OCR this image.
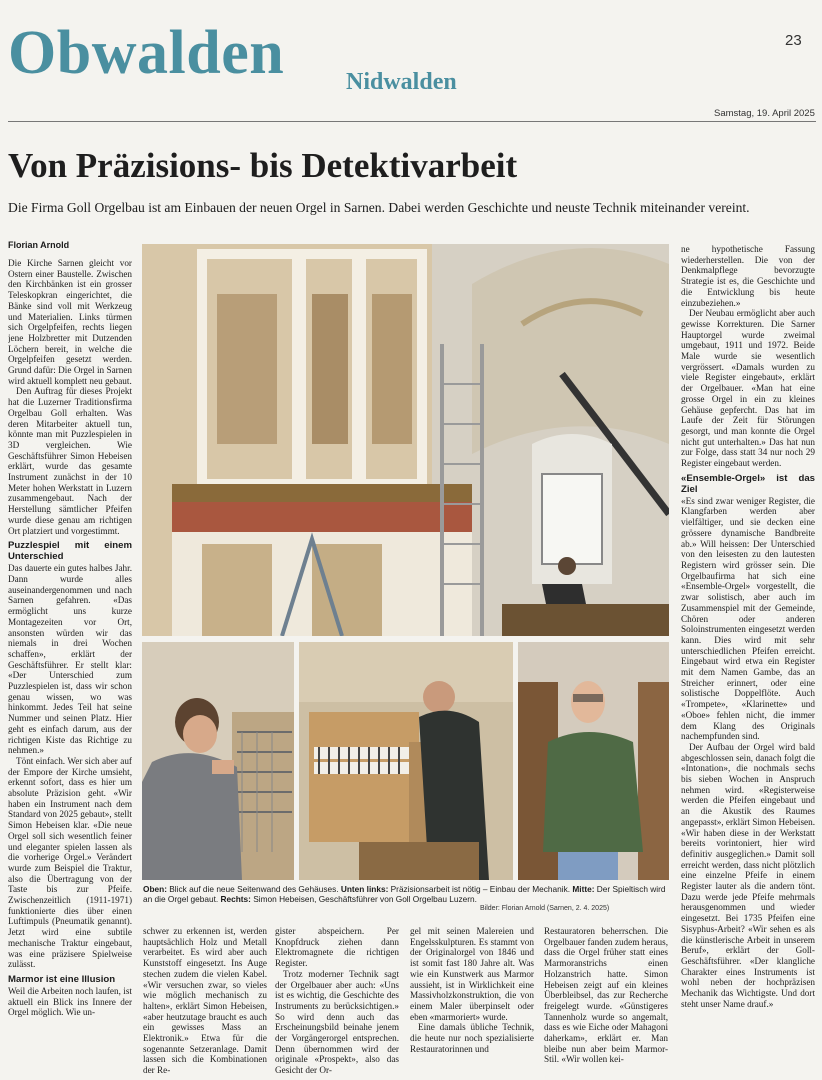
Obwalden	Nidwalden
23
Samstag, 19. April 2025
Von Präzisions- bis Detektivarbeit
Die Firma Goll Orgelbau ist am Einbauen der neuen Orgel in Sarnen. Dabei werden Geschichte und neuste Technik miteinander vereint.
Florian Arnold

Die Kirche Sarnen gleicht vor Ostern einer Baustelle. Zwischen den Kirchbänken ist ein grosser Teleskopkran eingerichtet, die Bänke sind voll mit Werkzeug und Materialien. Links türmen sich Orgelpfeifen, rechts liegen jene Holzbretter mit Dutzenden Löchern bereit, in welche die Orgelpfeifen gesetzt werden. Grund dafür: Die Orgel in Sarnen wird aktuell komplett neu gebaut.

Den Auftrag für dieses Projekt hat die Luzerner Traditionsfirma Orgelbau Goll erhalten. Was deren Mitarbeiter aktuell tun, könnte man mit Puzzlespielen in 3D vergleichen. Wie Geschäftsführer Simon Hebeisen erklärt, wurde das gesamte Instrument zunächst in der 10 Meter hohen Werkstatt in Luzern zusammengebaut. Nach der Herstellung sämtlicher Pfeifen wurde diese genau am richtigen Ort platziert und vorgestimmt.

Puzzlespiel mit einem Unterschied

Das dauerte ein gutes halbes Jahr. Dann wurde alles auseinandergenommen und nach Sarnen gefahren. «Das ermöglicht uns kurze Montagezeiten vor Ort, ansonsten würden wir das niemals in drei Wochen schaffen», erklärt der Geschäftsführer. Er stellt klar: «Der Unterschied zum Puzzlespielen ist, dass wir schon genau wissen, wo was hinkommt. Jedes Teil hat seine Nummer und seinen Platz. Hier geht es einfach darum, aus der richtigen Kiste das Richtige zu nehmen.»

Tönt einfach. Wer sich aber auf der Empore der Kirche umsieht, erkennt sofort, dass es hier um absolute Präzision geht. «Wir haben ein Instrument nach dem Standard von 2025 gebaut», stellt Simon Hebeisen klar. «Die neue Orgel soll sich wesentlich feiner und eleganter spielen lassen als die vorherige Orgel.» Verändert wurde zum Beispiel die Traktur, also die Übertragung von der Taste bis zur Pfeife. Zwischenzeitlich (1911-1971) funktionierte dies über einen Luftimpuls (Pneumatik genannt). Jetzt wird eine subtile mechanische Traktur eingebaut, was eine präzisere Spielweise zulässt.

Marmor ist eine Illusion

Weil die Arbeiten noch laufen, ist aktuell ein Blick ins Innere der Orgel möglich. Wie un-

Oben: Blick auf die neue Seitenwand des Gehäuses. Unten links: Präzisionsarbeit ist nötig – Einbau der Mechanik. Mitte: Der Spieltisch wird an die Orgel gebaut. Rechts: Simon Hebeisen, Geschäftsführer von Goll Orgelbau Luzern.
Bilder: Florian Arnold (Sarnen, 2. 4. 2025)

schwer zu erkennen ist, werden hauptsächlich Holz und Metall verarbeitet. Es wird aber auch Kunststoff eingesetzt. Ins Auge stechen zudem die vielen Kabel. «Wir versuchen zwar, so vieles wie möglich mechanisch zu halten», erklärt Simon Hebeisen, «aber heutzutage braucht es auch ein gewisses Mass an Elektronik.» Etwa für die sogenannte Setzeranlage. Damit lassen sich die Kombinationen der Re-

gister abspeichern. Per Knopfdruck ziehen dann Elektromagnete die richtigen Register.

Trotz moderner Technik sagt der Orgelbauer aber auch: «Uns ist es wichtig, die Geschichte des Instruments zu berücksichtigen.» So wird denn auch das Erscheinungsbild beinahe jenem der Vorgängerorgel entsprechen. Denn übernommen wird der originale «Prospekt», also das Gesicht der Or-

gel mit seinen Malereien und Engelsskulpturen. Es stammt von der Originalorgel von 1846 und ist somit fast 180 Jahre alt. Was wie ein Kunstwerk aus Marmor aussieht, ist in Wirklichkeit eine Massivholzkonstruktion, die von einem Maler überpinselt oder eben «marmoriert» wurde.

Eine damals übliche Technik, die heute nur noch spezialisierte Restauratorinnen und

Restauratoren beherrschen. Die Orgelbauer fanden zudem heraus, dass die Orgel früher statt eines Marmoranstrichs einen Holzanstrich hatte. Simon Hebeisen zeigt auf ein kleines Überbleibsel, das zur Recherche freigelegt wurde. «Günstigeres Tannenholz wurde so angemalt, dass es wie Eiche oder Mahagoni daherkam», erklärt er. Man bleibe nun aber beim Marmor-Stil. «Wir wollen kei-

ne hypothetische Fassung wiederherstellen. Die von der Denkmalpflege bevorzugte Strategie ist es, die Geschichte und die Entwicklung bis heute einzubeziehen.»

Der Neubau ermöglicht aber auch gewisse Korrekturen. Die Sarner Hauptorgel wurde zweimal umgebaut, 1911 und 1972. Beide Male wurde sie wesentlich vergrössert. «Damals wurden zu viele Register eingebaut», erklärt der Orgelbauer. «Man hat eine grosse Orgel in ein zu kleines Gehäuse gepfercht. Das hat im Laufe der Zeit für Störungen gesorgt, und man konnte die Orgel nicht gut unterhalten.» Das hat nun zur Folge, dass statt 34 nur noch 29 Register eingebaut werden.

«Ensemble-Orgel» ist das Ziel

«Es sind zwar weniger Register, die Klangfarben werden aber vielfältiger, und sie decken eine grössere dynamische Bandbreite ab.» Will heissen: Der Unterschied von den leisesten zu den lautesten Registern wird grösser sein. Die Orgelbaufirma hat sich eine «Ensemble-Orgel» vorgestellt, die zwar solistisch, aber auch im Zusammenspiel mit der Gemeinde, Chören oder anderen Soloinstrumenten eingesetzt werden kann. Dies wird mit sehr unterschiedlichen Pfeifen erreicht. Eingebaut wird etwa ein Register mit dem Namen Gambe, das an Streicher erinnert, oder eine solistische Doppelflöte. Auch «Trompete», «Klarinette» und «Oboe» fehlen nicht, die immer dem Klang des Originals nachempfunden sind.

Der Aufbau der Orgel wird bald abgeschlossen sein, danach folgt die «Intonation», die nochmals sechs bis sieben Wochen in Anspruch nehmen wird. «Registerweise werden die Pfeifen eingebaut und an die Akustik des Raumes angepasst», erklärt Simon Hebeisen. «Wir haben diese in der Werkstatt bereits vorintoniert, hier wird definitiv ausgeglichen.» Damit soll erreicht werden, dass nicht plötzlich eine einzelne Pfeife in einem Register lauter als die andern tönt. Dazu werde jede Pfeife mehrmals herausgenommen und wieder eingesetzt. Bei 1735 Pfeifen eine Sisyphus-Arbeit? «Wir sehen es als die künstlerische Arbeit in unserem Beruf», erklärt der Goll-Geschäftsführer. «Der klangliche Charakter eines Instruments ist wohl neben der hochpräzisen Mechanik das Wichtigste. Und dort steht unser Name drauf.»
